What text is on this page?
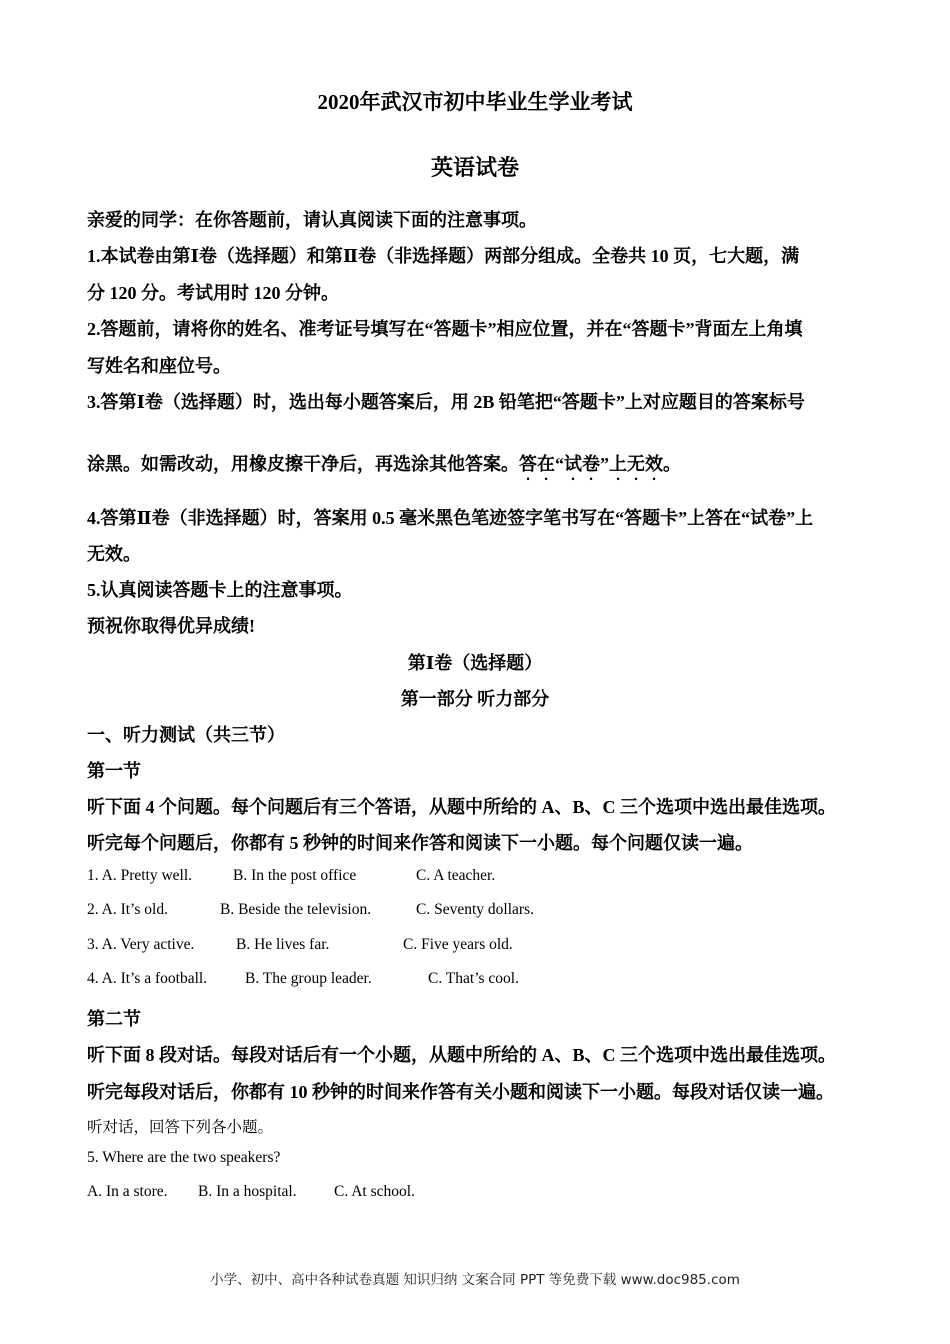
2020年武汉市初中毕业生学业考试
英语试卷
亲爱的同学：在你答题前，请认真阅读下面的注意事项。
1.本试卷由第Ⅰ卷（选择题）和第Ⅱ卷（非选择题）两部分组成。全卷共 10 页，七大题，满
分 120 分。考试用时 120 分钟。
2.答题前，请将你的姓名、准考证号填写在“答题卡”相应位置，并在“答题卡”背面左上角填
写姓名和座位号。
3.答第Ⅰ卷（选择题）时，选出每小题答案后，用 2B 铅笔把“答题卡”上对应题目的答案标号
涂黑。如需改动，用橡皮擦干净后，再选涂其他答案。答在“试卷”上无效。
4.答第Ⅱ卷（非选择题）时，答案用 0.5 毫米黑色笔迹签字笔书写在“答题卡”上答在“试卷”上
无效。
5.认真阅读答题卡上的注意事项。
预祝你取得优异成绩!
第Ⅰ卷（选择题）
第一部分 听力部分
一、听力测试（共三节）
第一节
听下面 4 个问题。每个问题后有三个答语，从题中所给的 A、B、C 三个选项中选出最佳选项。
听完每个问题后，你都有 5 秒钟的时间来作答和阅读下一小题。每个问题仅读一遍。
1. A. Pretty well.	B. In the post office	C. A teacher.
2. A. It’s old.	B. Beside the television.	C. Seventy dollars.
3. A. Very active.	B. He lives far.	C. Five years old.
4. A. It’s a football. B. The group leader.	C. That’s cool.
第二节
听下面 8 段对话。每段对话后有一个小题，从题中所给的 A、B、C 三个选项中选出最佳选项。
听完每段对话后，你都有 10 秒钟的时间来作答有关小题和阅读下一小题。每段对话仅读一遍。
听对话，回答下列各小题。
5. Where are the two speakers?
A. In a store. B. In a hospital. C. At school.
小学、初中、高中各种试卷真题 知识归纳 文案合同 PPT 等免费下载 www.doc985.com
